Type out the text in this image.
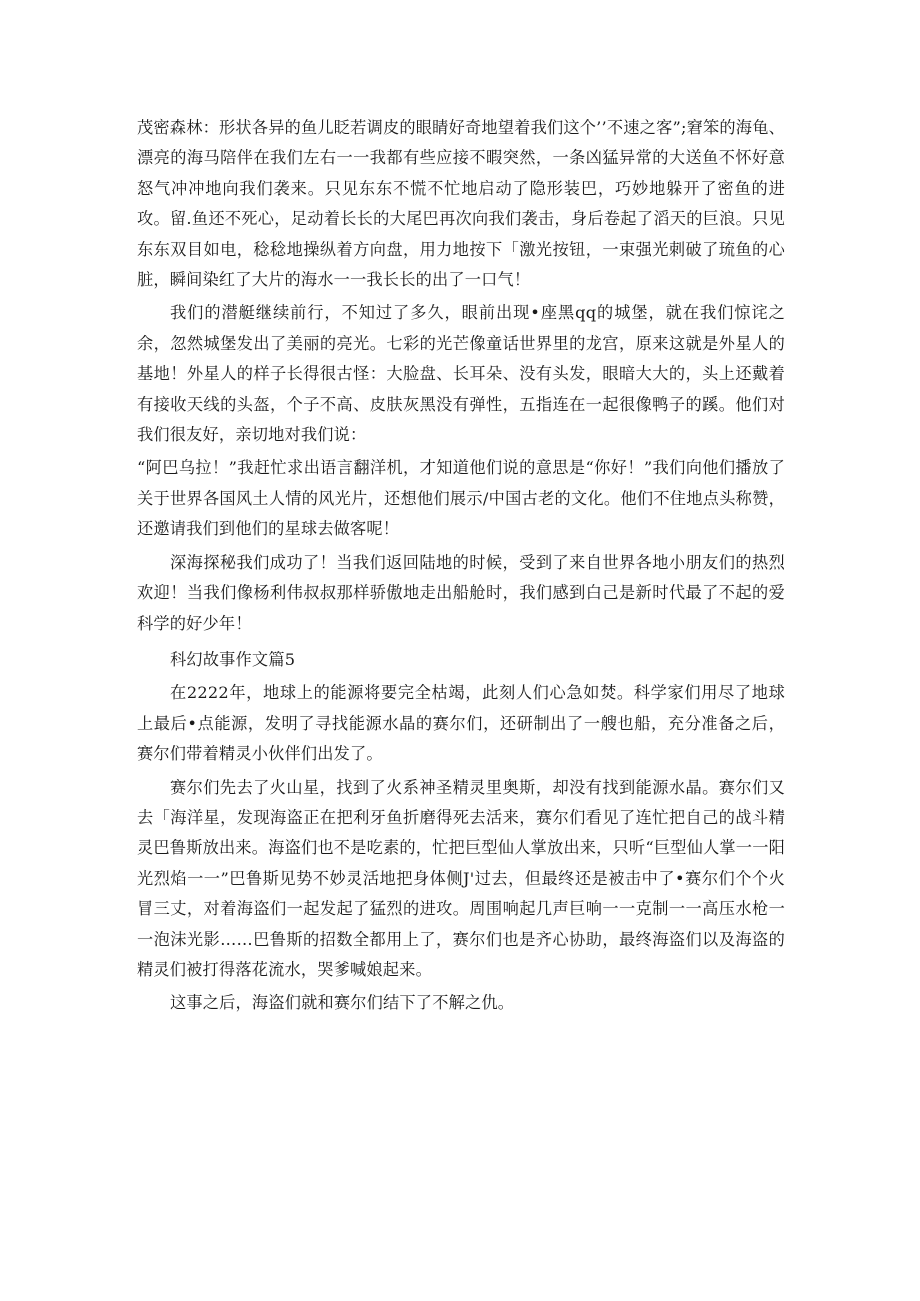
茂密森林：形状各异的鱼儿眨若调皮的眼睛好奇地望着我们这个’’不速之客”;窘笨的海龟、漂亮的海马陪伴在我们左右一一我都有些应接不暇突然，一条凶猛异常的大送鱼不怀好意怒气冲冲地向我们袭来。只见东东不慌不忙地启动了隐形装巴，巧妙地躲开了密鱼的进攻。留.鱼还不死心，足动着长长的大尾巴再次向我们袭击，身后卷起了滔天的巨浪。只见东东双目如电，稔稔地操纵着方向盘，用力地按下「激光按钮，一束强光刺破了琉鱼的心脏，瞬间染红了大片的海水一一我长长的出了一口气！

我们的潜艇继续前行，不知过了多久，眼前出现•座黑qq的城堡，就在我们惊诧之余，忽然城堡发出了美丽的亮光。七彩的光芒像童话世界里的龙宫，原来这就是外星人的基地！外星人的样子长得很古怪：大脸盘、长耳朵、没有头发，眼暗大大的，头上还戴着有接收天线的头盔，个子不高、皮肤灰黑没有弹性，五指连在一起很像鸭子的蹊。他们对我们很友好，亲切地对我们说：

“阿巴乌拉！”我赶忙求出语言翻洋机，才知道他们说的意思是“你好！”我们向他们播放了关于世界各国风土人情的风光片，还想他们展示/中国古老的文化。他们不住地点头称赞，还邀请我们到他们的星球去做客呢！

深海探秘我们成功了！当我们返回陆地的时候，受到了来自世界各地小朋友们的热烈欢迎！当我们像杨利伟叔叔那样骄傲地走出船舱时，我们感到白己是新时代最了不起的爱科学的好少年！

科幻故事作文篇5

在2222年，地球上的能源将要完全枯竭，此刻人们心急如焚。科学家们用尽了地球上最后•点能源，发明了寻找能源水晶的赛尔们，还研制出了一艘也船，充分准备之后，赛尔们带着精灵小伙伴们出发了。

赛尔们先去了火山星，找到了火系神圣精灵里奥斯，却没有找到能源水晶。赛尔们又去「海洋星，发现海盗正在把利牙鱼折磨得死去活来，赛尔们看见了连忙把自己的战斗精灵巴鲁斯放出来。海盗们也不是吃素的，忙把巨型仙人掌放出来，只听“巨型仙人掌一一阳光烈焰一一”巴鲁斯见势不妙灵活地把身体侧J'过去，但最终还是被击中了•赛尔们个个火冒三丈，对着海盗们一起发起了猛烈的进攻。周围响起几声巨响一一克制一一高压水枪一一泡沫光影……巴鲁斯的招数全都用上了，赛尔们也是齐心协助，最终海盗们以及海盗的精灵们被打得落花流水，哭爹喊娘起来。

这事之后，海盗们就和赛尔们结下了不解之仇。
